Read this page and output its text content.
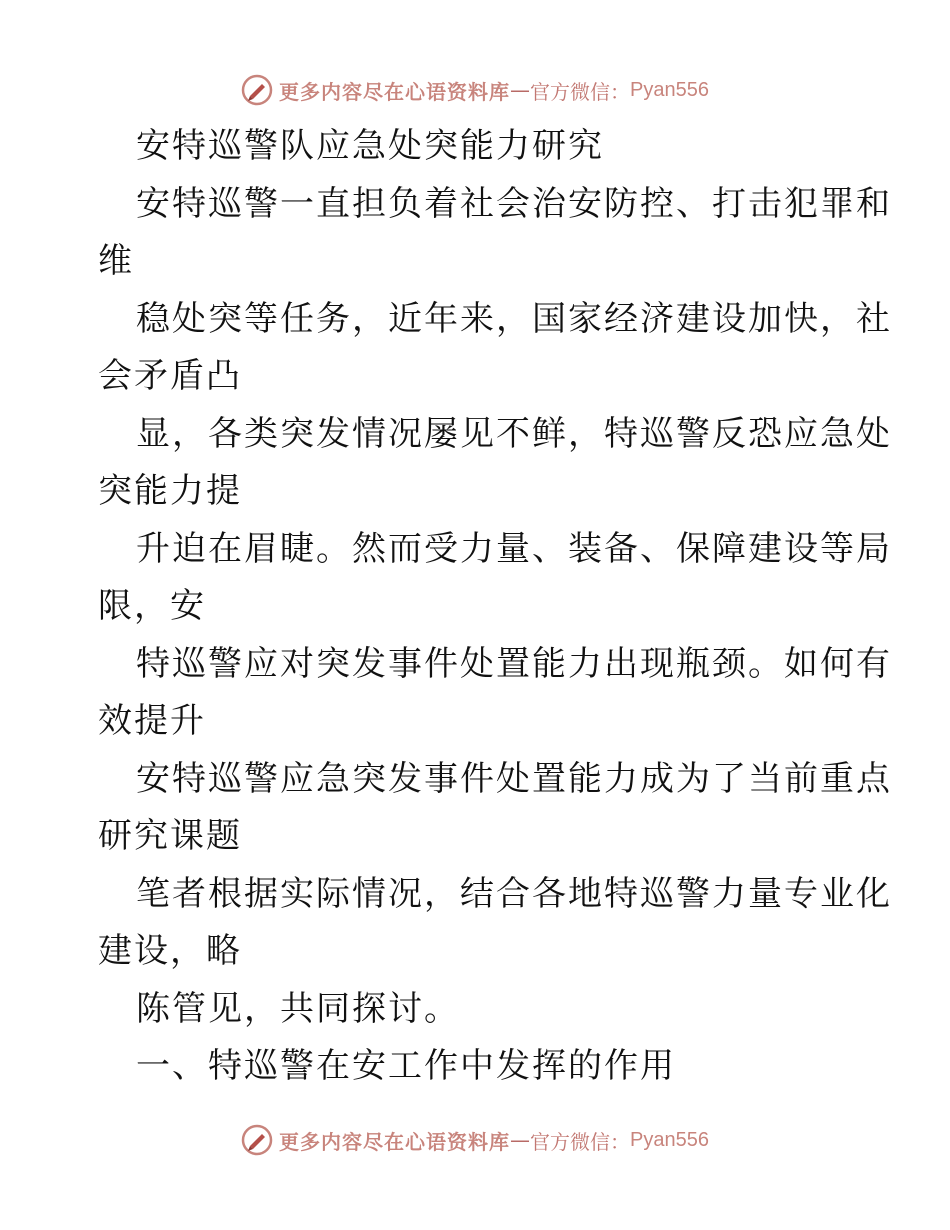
更多内容尽在心语资料库 — 官方微信： Pyan556

安特巡警队应急处突能力研究

安特巡警一直担负着社会治安防控、打击犯罪和

维

稳处突等任务，近年来，国家经济建设加快，社

会矛盾凸

显，各类突发情况屡见不鲜，特巡警反恐应急处

突能力提

升迫在眉睫。然而受力量、装备、保障建设等局

限，安

特巡警应对突发事件处置能力出现瓶颈。如何有

效提升

安特巡警应急突发事件处置能力成为了当前重点

研究课题

笔者根据实际情况，结合各地特巡警力量专业化

建设，略

陈管见，共同探讨。

一、特巡警在安工作中发挥的作用

更多内容尽在心语资料库 — 官方微信： Pyan556
